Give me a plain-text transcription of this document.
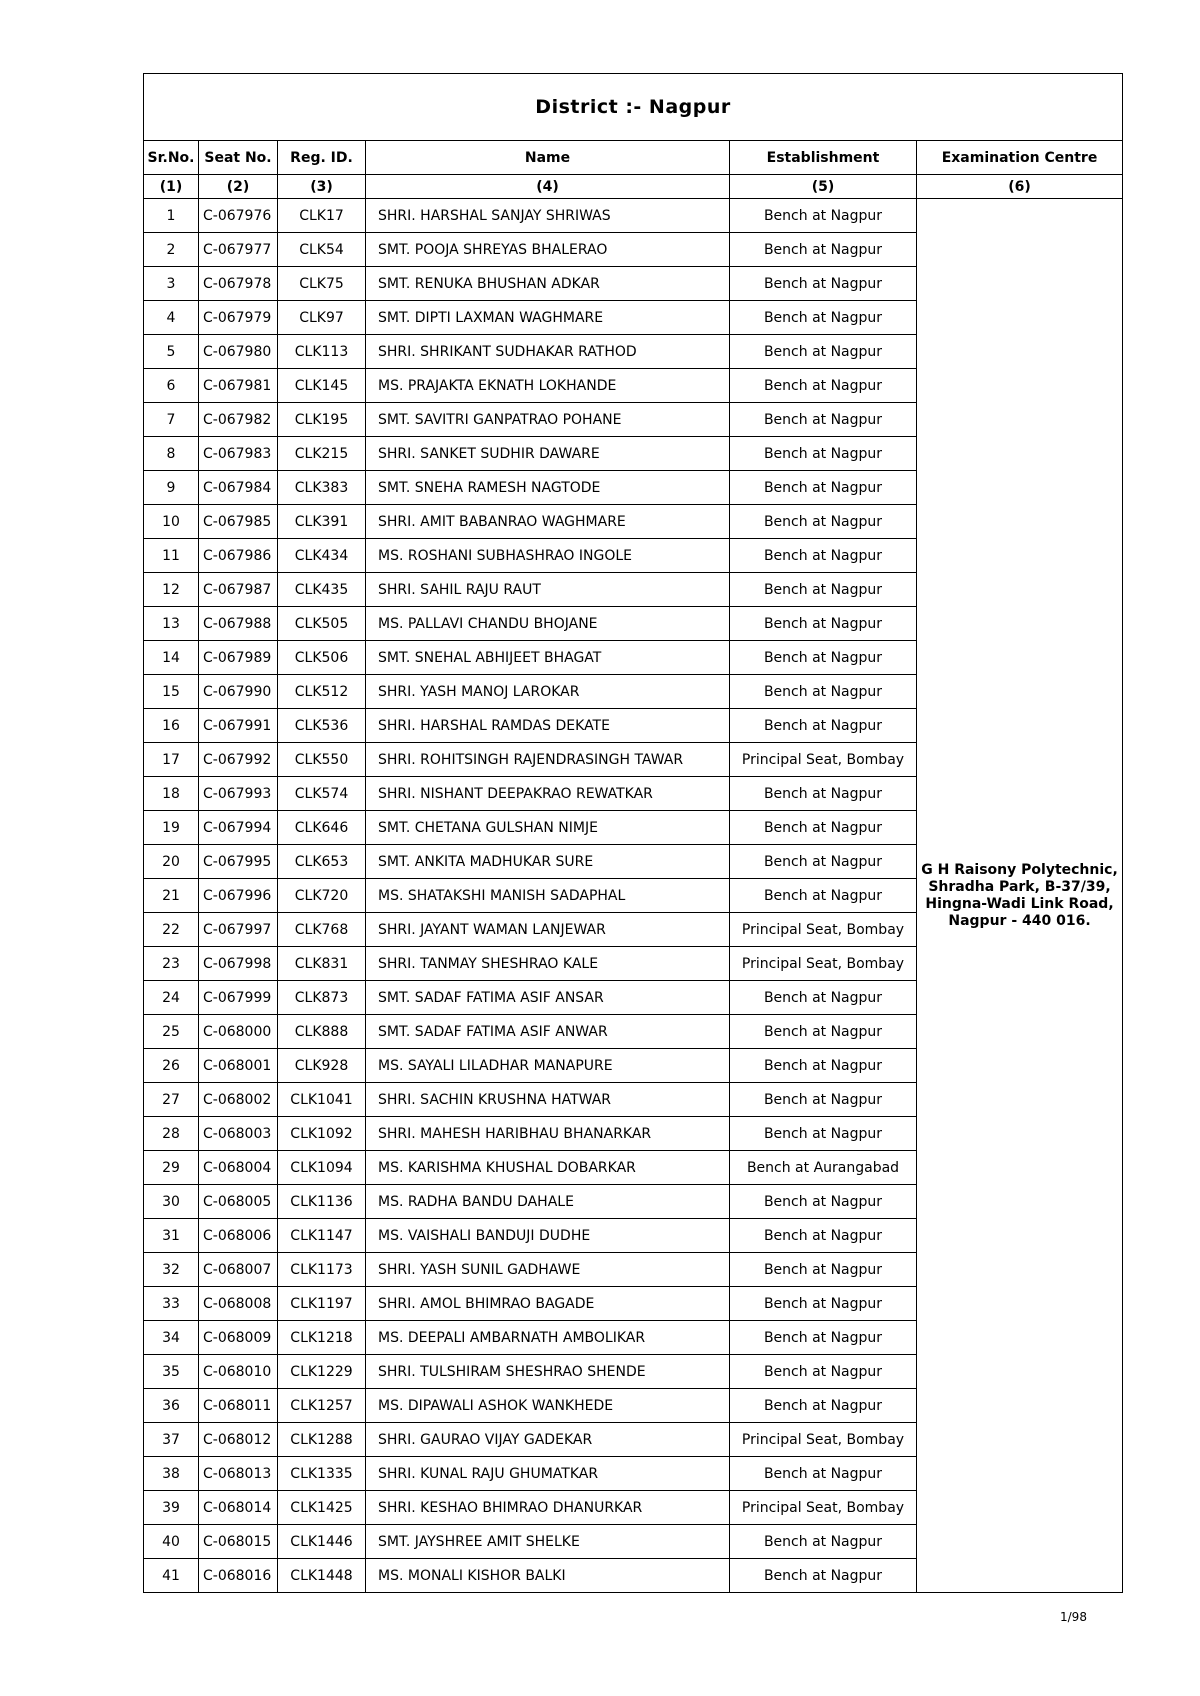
District :- Nagpur					
Sr.No.	Seat No.	Reg. ID.	Name	Establishment	Examination Centre
(1)	(2)	(3)	(4)	(5)	(6)
1	C-067976	CLK17	SHRI. HARSHAL SANJAY SHRIWAS	Bench at Nagpur	G H Raisony Polytechnic, Shradha Park, B-37/39, Hingna-Wadi Link Road, Nagpur - 440 016.
2	C-067977	CLK54	SMT. POOJA SHREYAS BHALERAO	Bench at Nagpur	
3	C-067978	CLK75	SMT. RENUKA BHUSHAN ADKAR	Bench at Nagpur	
4	C-067979	CLK97	SMT. DIPTI LAXMAN WAGHMARE	Bench at Nagpur	
5	C-067980	CLK113	SHRI. SHRIKANT SUDHAKAR RATHOD	Bench at Nagpur	
6	C-067981	CLK145	MS. PRAJAKTA EKNATH LOKHANDE	Bench at Nagpur	
7	C-067982	CLK195	SMT. SAVITRI GANPATRAO POHANE	Bench at Nagpur	
8	C-067983	CLK215	SHRI. SANKET SUDHIR DAWARE	Bench at Nagpur	
9	C-067984	CLK383	SMT. SNEHA RAMESH NAGTODE	Bench at Nagpur	
10	C-067985	CLK391	SHRI. AMIT BABANRAO WAGHMARE	Bench at Nagpur	
11	C-067986	CLK434	MS. ROSHANI SUBHASHRAO INGOLE	Bench at Nagpur	
12	C-067987	CLK435	SHRI. SAHIL RAJU RAUT	Bench at Nagpur	
13	C-067988	CLK505	MS. PALLAVI CHANDU BHOJANE	Bench at Nagpur	
14	C-067989	CLK506	SMT. SNEHAL ABHIJEET BHAGAT	Bench at Nagpur	
15	C-067990	CLK512	SHRI. YASH MANOJ LAROKAR	Bench at Nagpur	
16	C-067991	CLK536	SHRI. HARSHAL RAMDAS DEKATE	Bench at Nagpur	
17	C-067992	CLK550	SHRI. ROHITSINGH RAJENDRASINGH TAWAR	Principal Seat, Bombay	
18	C-067993	CLK574	SHRI. NISHANT DEEPAKRAO REWATKAR	Bench at Nagpur	
19	C-067994	CLK646	SMT. CHETANA GULSHAN NIMJE	Bench at Nagpur	
20	C-067995	CLK653	SMT. ANKITA MADHUKAR SURE	Bench at Nagpur	
21	C-067996	CLK720	MS. SHATAKSHI MANISH SADAPHAL	Bench at Nagpur	
22	C-067997	CLK768	SHRI. JAYANT WAMAN LANJEWAR	Principal Seat, Bombay	
23	C-067998	CLK831	SHRI. TANMAY SHESHRAO KALE	Principal Seat, Bombay	
24	C-067999	CLK873	SMT. SADAF FATIMA ASIF ANSAR	Bench at Nagpur	
25	C-068000	CLK888	SMT. SADAF FATIMA ASIF ANWAR	Bench at Nagpur	
26	C-068001	CLK928	MS. SAYALI LILADHAR MANAPURE	Bench at Nagpur	
27	C-068002	CLK1041	SHRI. SACHIN KRUSHNA HATWAR	Bench at Nagpur	
28	C-068003	CLK1092	SHRI. MAHESH HARIBHAU BHANARKAR	Bench at Nagpur	
29	C-068004	CLK1094	MS. KARISHMA KHUSHAL DOBARKAR	Bench at Aurangabad	
30	C-068005	CLK1136	MS. RADHA BANDU DAHALE	Bench at Nagpur	
31	C-068006	CLK1147	MS. VAISHALI BANDUJI DUDHE	Bench at Nagpur	
32	C-068007	CLK1173	SHRI. YASH SUNIL GADHAWE	Bench at Nagpur	
33	C-068008	CLK1197	SHRI. AMOL BHIMRAO BAGADE	Bench at Nagpur	
34	C-068009	CLK1218	MS. DEEPALI AMBARNATH AMBOLIKAR	Bench at Nagpur	
35	C-068010	CLK1229	SHRI. TULSHIRAM SHESHRAO SHENDE	Bench at Nagpur	
36	C-068011	CLK1257	MS. DIPAWALI ASHOK WANKHEDE	Bench at Nagpur	
37	C-068012	CLK1288	SHRI. GAURAO VIJAY GADEKAR	Principal Seat, Bombay	
38	C-068013	CLK1335	SHRI. KUNAL RAJU GHUMATKAR	Bench at Nagpur	
39	C-068014	CLK1425	SHRI. KESHAO BHIMRAO DHANURKAR	Principal Seat, Bombay	
40	C-068015	CLK1446	SMT. JAYSHREE AMIT SHELKE	Bench at Nagpur	
41	C-068016	CLK1448	MS. MONALI KISHOR BALKI	Bench at Nagpur	
1/98
